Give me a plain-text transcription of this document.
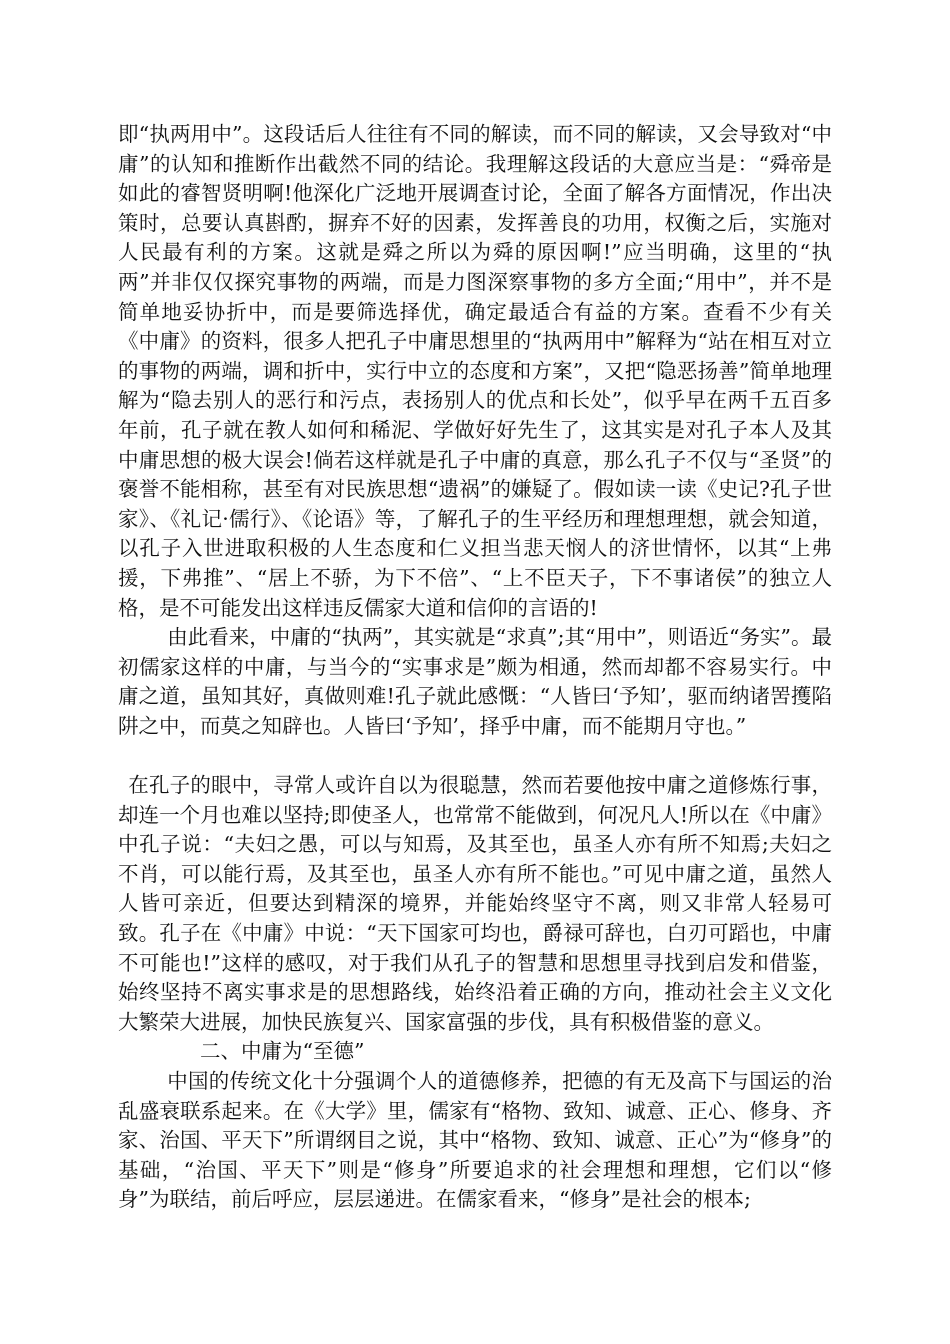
即“执两用中”。这段话后人往往有不同的解读，而不同的解读，又会导致对“中庸”的认知和推断作出截然不同的结论。我理解这段话的大意应当是：“舜帝是如此的睿智贤明啊!他深化广泛地开展调查讨论，全面了解各方面情况，作出决策时，总要认真斟酌，摒弃不好的因素，发挥善良的功用，权衡之后，实施对人民最有利的方案。这就是舜之所以为舜的原因啊!”应当明确，这里的“执两”并非仅仅探究事物的两端，而是力图深察事物的多方全面;“用中”，并不是简单地妥协折中，而是要筛选择优，确定最适合有益的方案。查看不少有关《中庸》的资料，很多人把孔子中庸思想里的“执两用中”解释为“站在相互对立的事物的两端，调和折中，实行中立的态度和方案”，又把“隐恶扬善”简单地理解为“隐去别人的恶行和污点，表扬别人的优点和长处”，似乎早在两千五百多年前，孔子就在教人如何和稀泥、学做好好先生了，这其实是对孔子本人及其中庸思想的极大误会!倘若这样就是孔子中庸的真意，那么孔子不仅与“圣贤”的褒誉不能相称，甚至有对民族思想“遗祸”的嫌疑了。假如读一读《史记?孔子世家》、《礼记·儒行》、《论语》等，了解孔子的生平经历和理想理想，就会知道，以孔子入世进取积极的人生态度和仁义担当悲天悯人的济世情怀，以其“上弗援，下弗推”、“居上不骄，为下不倍”、“上不臣天子，下不事诸侯”的独立人格，是不可能发出这样违反儒家大道和信仰的言语的!

由此看来，中庸的“执两”，其实就是“求真”;其“用中”，则语近“务实”。最初儒家这样的中庸，与当今的“实事求是”颇为相通，然而却都不容易实行。中庸之道，虽知其好，真做则难!孔子就此感慨：“人皆曰‘予知’，驱而纳诸罟擭陷阱之中，而莫之知辟也。人皆曰‘予知’，择乎中庸，而不能期月守也。”

在孔子的眼中，寻常人或许自以为很聪慧，然而若要他按中庸之道修炼行事，却连一个月也难以坚持;即使圣人，也常常不能做到，何况凡人!所以在《中庸》中孔子说：“夫妇之愚，可以与知焉，及其至也，虽圣人亦有所不知焉;夫妇之不肖，可以能行焉，及其至也，虽圣人亦有所不能也。”可见中庸之道，虽然人人皆可亲近，但要达到精深的境界，并能始终坚守不离，则又非常人轻易可致。孔子在《中庸》中说：“天下国家可均也，爵禄可辞也，白刃可蹈也，中庸不可能也!”这样的感叹，对于我们从孔子的智慧和思想里寻找到启发和借鉴，始终坚持不离实事求是的思想路线，始终沿着正确的方向，推动社会主义文化大繁荣大进展，加快民族复兴、国家富强的步伐，具有积极借鉴的意义。

二、中庸为“至德”

中国的传统文化十分强调个人的道德修养，把德的有无及高下与国运的治乱盛衰联系起来。在《大学》里，儒家有“格物、致知、诚意、正心、修身、齐家、治国、平天下”所谓纲目之说，其中“格物、致知、诚意、正心”为“修身”的基础，“治国、平天下”则是“修身”所要追求的社会理想和理想，它们以“修身”为联结，前后呼应，层层递进。在儒家看来，“修身”是社会的根本;
